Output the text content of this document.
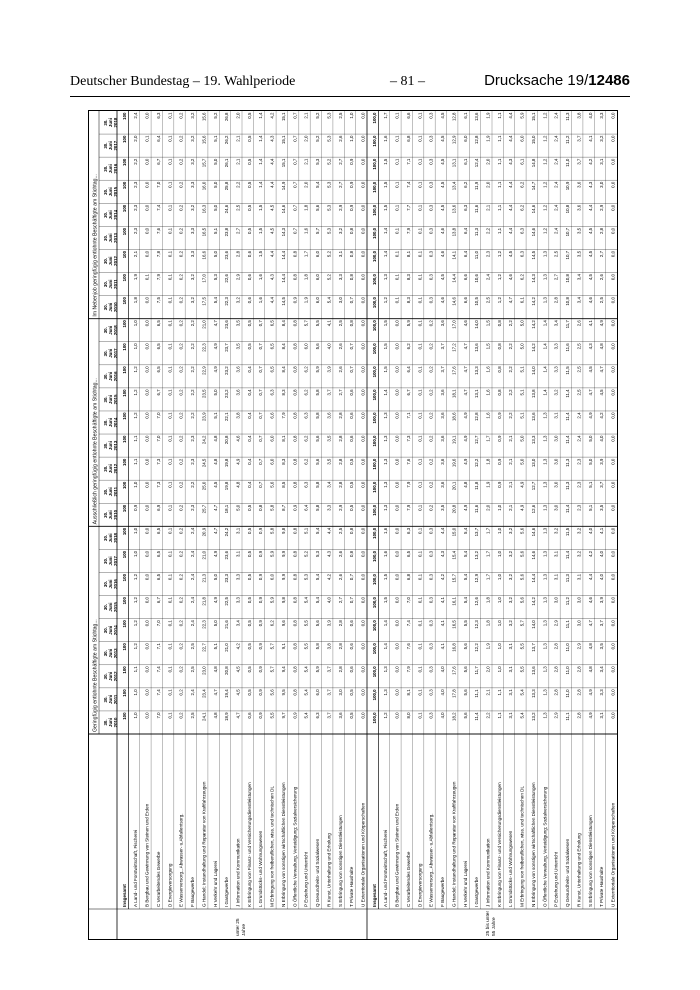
Deutscher Bundestag – 19. Wahlperiode	– 81 –	Drucksache 19/12486
Geringfügig entlohnte Beschäftigte am Stichtag...
Ausschließlich geringfügig entlohnte Beschäftigte am Stichtag...
Im Nebenjob geringfügig entlohnte Beschäftigte am Stichtag...
30.Juni2010
30.Juni2011
30.Juni2012
30.Juni2013
30.Juni2014
30.Juni2015
30.Juni2016
30.Juni2017
30.Juni2018
30.Juni2010
30.Juni2011
30.Juni2012
30.Juni2013
30.Juni2014
30.Juni2015
30.Juni2016
30.Juni2017
30.Juni2018
30.Juni2010
30.Juni2011
30.Juni2012
30.Juni2013
30.Juni2014
30.Juni2015
30.Juni2016
30.Juni2017
30.Juni2018
unter 25Jahre
Insgesamt
100
100
100
100
100
100
100
100
100
100
100
100
100
100
100
100
100
100
100
100
100
100
100
100
100
100
100
A Land- und Forstwirtschaft, Fischerei
1,0
1,0
1,1
1,2
1,2
1,2
1,2
1,0
1,0
0,9
1,0
1,1
1,1
1,2
1,2
1,2
1,0
1,0
1,8
1,9
2,1
2,3
2,3
2,3
2,2
2,0
2,4
B Bergbau und Gewinnung von Steinen und Erden
0,0
0,0
0,0
0,0
0,0
0,0
0,0
0,0
0,0
0,0
0,0
0,0
0,0
0,0
0,0
0,0
0,0
0,0
0,0
0,1
0,0
0,0
0,0
0,0
0,0
0,1
0,0
C Verarbeitendes Gewerbe
7,0
7,4
7,4
7,1
7,0
6,7
6,5
6,5
6,5
6,9
7,3
7,3
7,0
7,0
6,7
6,5
6,5
6,5
7,5
7,9
7,8
7,6
7,4
7,0
6,7
6,4
6,3
D Energieversorgung
0,1
0,1
0,1
0,1
0,1
0,1
0,1
0,1
0,1
0,1
0,1
0,1
0,1
0,1
0,1
0,1
0,1
0,1
0,1
0,1
0,1
0,1
0,1
0,1
0,1
0,1
0,1
E Wasserversorg., Abwasser- u.Abfallentsorg.
0,2
0,2
0,2
0,2
0,2
0,2
0,2
0,2
0,2
0,2
0,2
0,2
0,2
0,2
0,2
0,2
0,2
0,2
0,2
0,2
0,2
0,2
0,2
0,2
0,2
0,2
0,2
F Baugewerbe
2,5
2,4
2,5
2,5
2,4
2,4
2,4
2,4
2,4
2,3
2,2
2,3
2,3
2,2
2,2
2,2
2,2
2,2
3,2
3,2
3,3
3,3
3,2
3,3
3,2
3,2
3,2
G Handel; Instandhaltung und Reparatur von Kraftfahrzeugen
24,1
23,4
23,0
22,7
22,3
21,8
21,3
21,0
20,9
25,7
25,0
24,5
24,2
23,9
23,5
22,9
22,3
21,0
17,5
17,0
16,6
16,5
16,3
16,0
15,7
15,6
15,6
H Verkehr und Lagerei
4,8
4,7
4,8
5,1
5,0
4,9
5,0
4,9
4,7
4,7
4,5
4,8
4,8
5,1
5,0
4,9
4,9
4,7
5,4
5,3
5,0
5,1
5,0
5,0
5,0
5,1
5,2
I Gastgewerbe
18,9
19,4
20,8
21,0
21,6
22,5
23,3
23,6
24,2
18,1
19,8
19,8
20,8
22,1
23,2
23,2
23,7
23,6
22,3
22,6
23,6
23,8
24,6
25,8
26,1
26,2
26,8
J Information und Kommunikation
4,7
4,5
4,5
4,2
3,4
3,3
3,3
3,1
3,1
5,0
4,8
4,9
4,6
3,8
3,6
3,6
3,5
3,5
3,2
2,9
2,8
2,7
2,5
2,2
2,1
2,1
2,0
K Erbringung von Finanz- und Versicherungsdienstleistungen
0,6
0,5
0,5
0,5
0,5
0,5
0,5
0,5
0,5
0,5
0,4
0,4
0,4
0,4
0,4
0,4
0,5
0,5
0,6
0,6
0,6
0,5
0,5
0,5
0,5
0,5
0,5
L Grundstücks- und Wohnungswesen
0,9
0,9
0,9
0,9
0,9
0,9
0,9
0,9
0,9
0,8
0,7
0,7
0,7
0,7
0,7
0,7
0,7
0,7
1,6
1,6
1,5
1,5
1,5
1,4
1,4
1,4
1,4
M Erbringung von freiberuflichen, wiss. und technischen DL
5,5
5,6
5,7
5,7
6,2
5,9
6,0
5,9
5,8
5,8
5,6
6,0
6,0
6,6
6,3
6,5
6,5
6,5
4,4
4,3
4,4
4,5
4,5
4,4
4,4
4,3
4,2
N Erbringung von sonstigen wirtschaftlichen Dienstleistungen
9,7
9,5
9,4
9,1
9,6
9,8
9,9
9,9
9,8
8,7
8,5
8,3
8,1
7,9
8,3
8,4
8,4
8,4
14,5
14,4
14,4
14,3
14,6
14,9
15,1
15,1
15,1
O Öffentliche Verwaltung, Verteidigung; Sozialversicherung
0,9
0,8
0,8
0,8
0,8
0,8
0,8
0,8
0,8
0,9
0,8
0,8
0,8
0,8
0,8
0,8
0,8
0,8
0,9
0,8
0,8
0,7
0,7
0,7
0,7
0,7
0,7
P Erziehung und Unterricht
5,4
5,4
5,4
5,5
5,5
5,4
5,3
5,2
5,1
6,4
6,3
6,2
6,2
6,3
6,2
6,2
6,0
5,7
1,9
1,8
1,7
1,6
1,8
2,0
2,1
2,0
2,1
Q Gesundheits- und Sozialwesen
6,3
6,0
5,9
5,8
5,6
5,4
5,4
5,3
5,4
5,8
5,8
5,6
5,6
5,8
5,8
5,9
5,6
5,5
6,0
6,0
6,0
5,7
5,6
5,4
5,3
5,2
5,2
R Kunst, Unterhaltung und Erholung
3,7
3,7
3,7
3,8
3,9
4,0
4,2
4,3
4,4
3,3
3,4
3,5
3,5
3,6
3,7
3,9
4,0
4,1
5,4
5,2
5,2
5,3
5,3
5,3
5,2
5,3
5,3
S Erbringung von sonstigen Dienstleistungen
3,6
3,0
2,8
2,8
2,8
2,7
2,6
2,6
2,5
2,9
2,8
2,8
2,8
2,8
2,7
2,6
2,6
2,5
3,0
3,3
3,1
3,2
2,9
2,7
2,7
2,6
2,5
T Private Haushalte
0,5
0,5
0,6
0,6
0,6
0,7
0,7
0,8
0,8
0,5
0,5
0,5
0,6
0,6
0,6
0,7
0,7
0,8
0,7
0,8
0,8
0,8
0,9
0,9
0,9
1,0
1,0
U Exterritoriale Organisationen und Körperschaften
0,0
0,0
0,0
0,0
0,0
0,0
0,0
0,0
0,0
0,0
0,0
0,0
0,0
0,0
0,0
0,0
0,0
0,0
0,0
0,0
0,0
0,0
0,0
0,0
0,0
0,0
0,0
25 bis unter55 Jahre
Insgesamt
100,0
100,0
100,0
100,0
100,0
100,0
100,0
100,0
100,0
100,0
100,0
100,0
100,0
100,0
100,0
100,0
100,0
100,0
100,0
100,0
100,0
100,0
100,0
100,0
100,0
100,0
100,0
A Land- und Forstwirtschaft, Fischerei
1,2
1,3
1,3
1,4
1,4
1,5
1,5
1,6
1,6
1,3
1,3
1,3
1,3
1,3
1,4
1,5
1,5
1,5
1,2
1,3
1,4
1,4
1,5
1,5
1,5
1,6
1,7
B Bergbau und Gewinnung von Steinen und Erden
0,0
0,0
0,0
0,0
0,0
0,0
0,0
0,0
0,0
0,0
0,0
0,0
0,0
0,0
0,0
0,0
0,0
0,0
0,1
0,1
0,1
0,1
0,1
0,1
0,1
0,1
0,1
C Verarbeitendes Gewerbe
8,0
8,1
7,9
7,6
7,4
7,0
6,8
6,5
6,3
7,9
7,9
7,6
7,3
7,1
6,7
6,4
6,2
5,9
8,3
8,3
8,1
7,9
7,7
7,4
7,1
6,8
6,6
D Energieversorgung
0,1
0,1
0,1
0,1
0,1
0,1
0,1
0,1
0,1
0,1
0,1
0,1
0,1
0,1
0,1
0,1
0,1
0,1
0,1
0,1
0,1
0,1
0,1
0,1
0,1
0,1
0,1
E Wasserversorg., Abwasser- u.Abfallentsorg.
0,3
0,3
0,3
0,3
0,3
0,3
0,3
0,3
0,3
0,2
0,2
0,2
0,2
0,2
0,2
0,2
0,2
0,2
0,3
0,3
0,3
0,3
0,3
0,3
0,3
0,3
0,3
F Baugewerbe
4,0
4,0
4,0
4,1
4,1
4,1
4,2
4,3
4,4
3,5
3,6
3,6
3,6
3,6
3,6
3,7
3,7
3,6
4,6
4,5
4,6
4,6
4,5
4,5
4,5
4,5
4,5
G Handel; Instandhaltung und Reparatur von Kraftfahrzeugen
18,2
17,8
17,6
16,8
16,5
16,1
15,7
15,4
15,0
20,8
20,1
19,6
19,1
18,6
18,1
17,6
17,2
17,0
14,6
14,4
14,1
13,8
13,6
13,4
13,1
12,9
12,8
H Verkehr und Lagerei
5,6
5,6
5,6
5,6
5,5
5,4
5,4
5,4
5,4
4,9
4,8
4,9
4,9
4,9
4,7
4,7
4,7
4,6
6,6
6,6
6,4
6,4
6,3
6,2
6,1
6,0
6,1
I Gastgewerbe
11,4
11,1
11,7
12,2
12,3
12,6
12,9
13,2
13,7
11,6
11,8
12,2
12,7
12,8
13,1
13,3
13,6
14,0
10,5
10,6
11,0
11,3
11,6
11,9
12,4
12,8
13,6
J Information und Kommunikation
2,2
2,1
2,0
1,9
1,8
1,8
1,7
1,7
1,7
2,0
1,9
1,8
1,7
1,6
1,6
1,6
1,5
1,5
2,5
2,4
2,3
2,2
2,1
2,0
2,0
1,9
1,9
K Erbringung von Finanz- und Versicherungsdienstleistungen
1,1
1,1
1,0
1,0
1,0
1,0
1,0
1,0
1,0
1,0
0,9
0,9
0,9
0,9
0,8
0,8
0,8
0,8
1,2
1,2
1,2
1,1
1,1
1,1
1,1
1,1
1,1
L Grundstücks- und Wohnungswesen
3,1
3,1
3,1
3,1
3,2
3,2
3,2
3,2
3,2
2,1
2,1
2,1
2,1
2,2
2,2
2,2
2,2
2,2
4,7
4,6
4,5
4,4
4,4
4,4
4,3
4,4
4,4
M Erbringung von freiberuflichen, wiss. und technischen DL
5,4
5,4
5,5
5,5
5,7
5,6
5,6
5,6
5,6
4,9
4,9
5,0
5,0
5,1
5,1
5,1
5,0
5,0
6,1
6,2
6,3
6,3
6,2
6,2
6,1
6,0
5,9
N Erbringung von sonstigen wirtschaftlichen Dienstleistungen
13,2
13,3
13,6
13,7
14,0
14,2
14,4
14,6
14,6
12,6
12,7
13,0
13,3
13,6
13,8
14,0
14,2
14,2
14,2
14,3
14,5
14,6
14,6
14,7
14,8
15,0
15,1
O Öffentliche Verwaltung, Verteidigung; Sozialversicherung
1,3
1,3
1,3
1,3
1,3
1,3
1,3
1,3
1,3
1,3
1,3
1,3
1,3
1,3
1,4
1,4
1,4
1,4
1,3
1,3
1,3
1,2
1,2
1,2
1,2
1,2
1,2
P Erziehung und Unterricht
2,9
2,8
2,8
2,8
2,9
3,0
3,1
3,1
3,2
3,0
3,0
3,0
3,0
3,1
3,2
3,3
3,3
3,4
2,8
2,7
2,5
2,4
2,4
2,4
2,4
2,4
2,4
Q Gesundheits- und Sozialwesen
11,1
11,0
11,0
11,0
11,1
11,2
11,3
11,4
11,5
11,4
11,3
11,3
11,4
11,4
11,4
11,5
11,6
11,7
10,8
10,8
10,7
10,7
10,8
10,9
11,0
11,2
11,3
R Kunst, Unterhaltung und Erholung
2,8
2,8
2,8
2,9
3,0
3,0
3,1
3,2
3,2
2,3
2,3
2,3
2,4
2,4
2,5
2,5
2,5
2,6
3,4
3,4
3,5
3,5
3,6
3,6
3,7
3,7
3,8
S Erbringung von sonstigen Dienstleistungen
4,9
4,9
4,8
4,8
4,7
4,6
4,4
4,2
4,0
5,1
5,1
5,0
5,0
4,9
4,7
4,5
4,3
4,1
4,6
4,5
4,5
4,5
4,4
4,3
4,2
4,1
4,0
T Private Haushalte
3,1
3,3
3,4
3,5
3,7
3,9
4,0
4,0
4,1
3,5
3,7
3,9
4,0
4,2
4,5
4,7
4,8
4,9
2,5
2,6
2,7
2,8
2,9
3,0
3,1
3,2
3,3
U Exterritoriale Organisationen und Körperschaften
0,0
0,0
0,0
0,0
0,0
0,0
0,0
0,0
0,0
0,0
0,0
0,0
0,0
0,0
0,0
0,0
0,0
0,0
0,0
0,0
0,0
0,0
0,0
0,0
0,0
0,0
0,0
